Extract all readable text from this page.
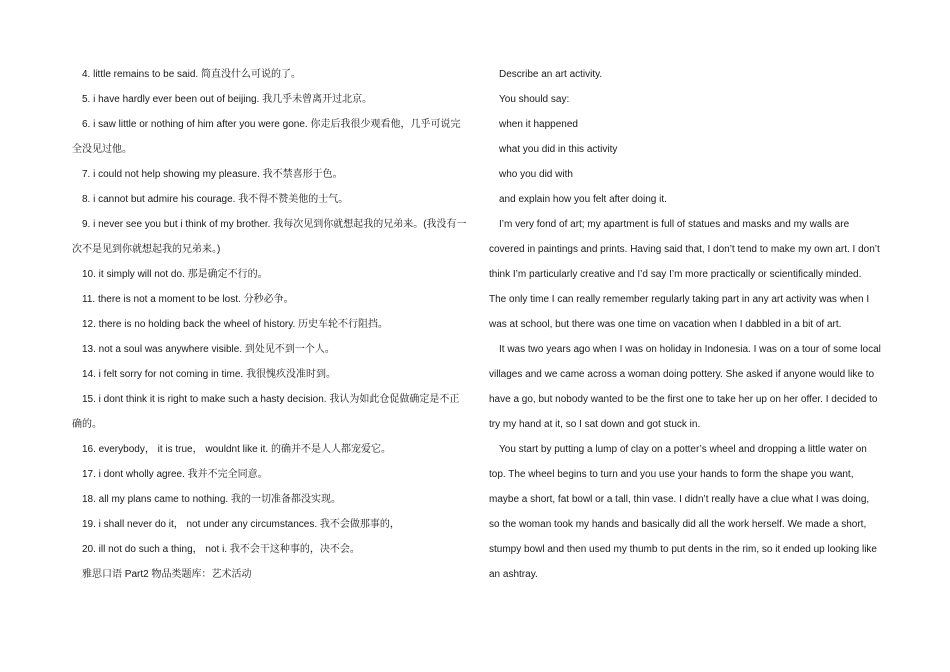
4. little remains to be said. 简直没什么可说的了。

5. i have hardly ever been out of beijing. 我几乎未曾离开过北京。

6. i saw little or nothing of him after you were gone. 你走后我很少观看他，几乎可说完全没见过他。

7. i could not help showing my pleasure. 我不禁喜形于色。

8. i cannot but admire his courage. 我不得不赞美他的士气。

9. i never see you but i think of my brother. 我每次见到你就想起我的兄弟来。(我没有一次不是见到你就想起我的兄弟来。)

10. it simply will not do. 那是确定不行的。

11. there is not a moment to be lost. 分秒必争。

12. there is no holding back the wheel of history. 历史车轮不行阻挡。

13. not a soul was anywhere visible. 到处见不到一个人。

14. i felt sorry for not coming in time. 我很愧疚没准时到。

15. i dont think it is right to make such a hasty decision. 我认为如此仓促做确定是不正确的。

16. everybody， it is true， wouldnt like it. 的确并不是人人都宠爱它。

17. i dont wholly agree. 我并不完全同意。

18. all my plans came to nothing. 我的一切准备都没实现。

19. i shall never do it， not under any circumstances. 我不会做那事的，

20. ill not do such a thing， not i. 我不会干这种事的，决不会。

雅思口语 Part2 物品类题库：艺术活动

Describe an art activity.

You should say:

when it happened

what you did in this activity

who you did with

and explain how you felt after doing it.

I’m very fond of art; my apartment is full of statues and masks and my walls are covered in paintings and prints. Having said that, I don’t tend to make my own art. I don’t think I’m particularly creative and I’d say I’m more practically or scientifically minded. The only time I can really remember regularly taking part in any art activity was when I was at school, but there was one time on vacation when I dabbled in a bit of art.

It was two years ago when I was on holiday in Indonesia. I was on a tour of some local villages and we came across a woman doing pottery. She asked if anyone would like to have a go, but nobody wanted to be the first one to take her up on her offer. I decided to try my hand at it, so I sat down and got stuck in.

You start by putting a lump of clay on a potter’s wheel and dropping a little water on top. The wheel begins to turn and you use your hands to form the shape you want, maybe a short, fat bowl or a tall, thin vase. I didn’t really have a clue what I was doing, so the woman took my hands and basically did all the work herself. We made a short, stumpy bowl and then used my thumb to put dents in the rim, so it ended up looking like an ashtray.
